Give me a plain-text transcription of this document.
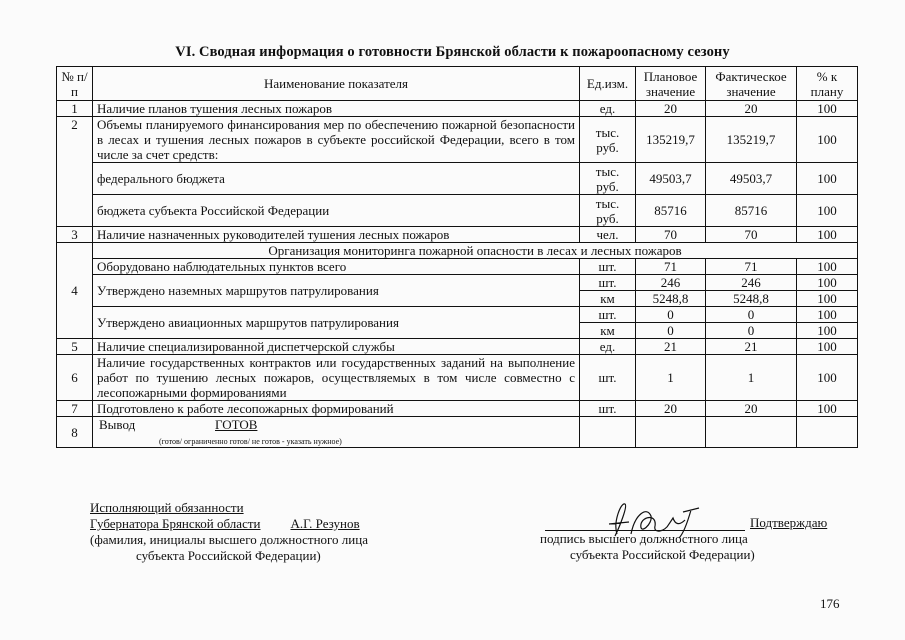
VI. Сводная информация о готовности Брянской области к пожароопасному сезону
№ п/п	Наименование показателя	Ед.изм.	Плановое значение	Фактическое значение	% к плану
1	Наличие планов тушения лесных пожаров	ед.	20	20	100
2	Объемы планируемого финансирования мер по обеспечению пожарной безопасности в лесах и тушения лесных пожаров в субъекте российской Федерации, всего в том числе за счет средств:	тыс. руб.	135219,7	135219,7	100
	федерального бюджета	тыс. руб.	49503,7	49503,7	100
	бюджета субъекта Российской Федерации	тыс. руб.	85716	85716	100
3	Наличие назначенных руководителей тушения лесных пожаров	чел.	70	70	100
4	Организация мониторинга пожарной опасности в лесах и лесных пожаров				
	Оборудовано наблюдательных пунктов всего	шт.	71	71	100
	Утверждено наземных маршрутов патрулирования	шт.	246	246	100
		км	5248,8	5248,8	100
	Утверждено авиационных маршрутов патрулирования	шт.	0	0	100
		км	0	0	100
5	Наличие специализированной диспетчерской службы	ед.	21	21	100
6	Наличие государственных контрактов или государственных заданий на выполнение работ по тушению лесных пожаров, осуществляемых в том числе совместно с лесопожарными формированиями	шт.	1	1	100
7	Подготовлено к работе лесопожарных формирований	шт.	20	20	100
8	Вывод ГОТОВ
(готов/ ограниченно готов/ не готов - указать нужное)				

Исполняющий обязанности
Губернатора Брянской области А.Г. Резунов
(фамилия, инициалы высшего должностного лица
субъекта Российской Федерации)
Подтверждаю
подпись высшего должностного лица
субъекта Российской Федерации)
176
